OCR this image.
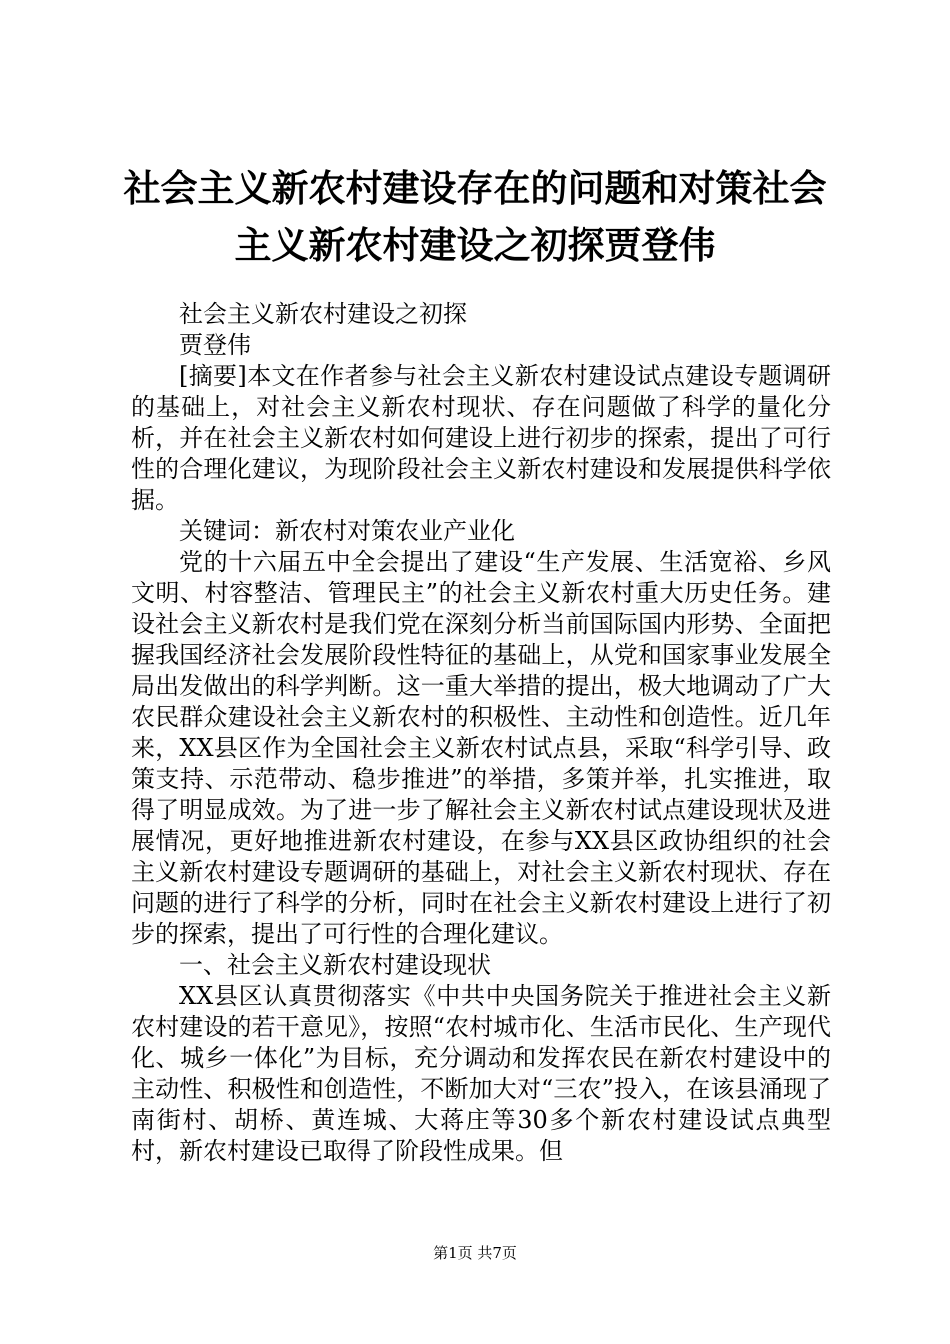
社会主义新农村建设存在的问题和对策社会主义新农村建设之初探贾登伟

社会主义新农村建设之初探

贾登伟

[摘要]本文在作者参与社会主义新农村建设试点建设专题调研的基础上，对社会主义新农村现状、存在问题做了科学的量化分析，并在社会主义新农村如何建设上进行初步的探索，提出了可行性的合理化建议，为现阶段社会主义新农村建设和发展提供科学依据。

关键词：新农村对策农业产业化

党的十六届五中全会提出了建设“生产发展、生活宽裕、乡风文明、村容整洁、管理民主”的社会主义新农村重大历史任务。建设社会主义新农村是我们党在深刻分析当前国际国内形势、全面把握我国经济社会发展阶段性特征的基础上，从党和国家事业发展全局出发做出的科学判断。这一重大举措的提出，极大地调动了广大农民群众建设社会主义新农村的积极性、主动性和创造性。近几年来，XX县区作为全国社会主义新农村试点县，采取“科学引导、政策支持、示范带动、稳步推进”的举措，多策并举，扎实推进，取得了明显成效。为了进一步了解社会主义新农村试点建设现状及进展情况，更好地推进新农村建设，在参与XX县区政协组织的社会主义新农村建设专题调研的基础上，对社会主义新农村现状、存在问题的进行了科学的分析，同时在社会主义新农村建设上进行了初步的探索，提出了可行性的合理化建议。

一、社会主义新农村建设现状

XX县区认真贯彻落实《中共中央国务院关于推进社会主义新农村建设的若干意见》，按照“农村城市化、生活市民化、生产现代化、城乡一体化”为目标，充分调动和发挥农民在新农村建设中的主动性、积极性和创造性，不断加大对“三农”投入，在该县涌现了南街村、胡桥、黄连城、大蒋庄等30多个新农村建设试点典型村，新农村建设已取得了阶段性成果。但

第1页 共7页
